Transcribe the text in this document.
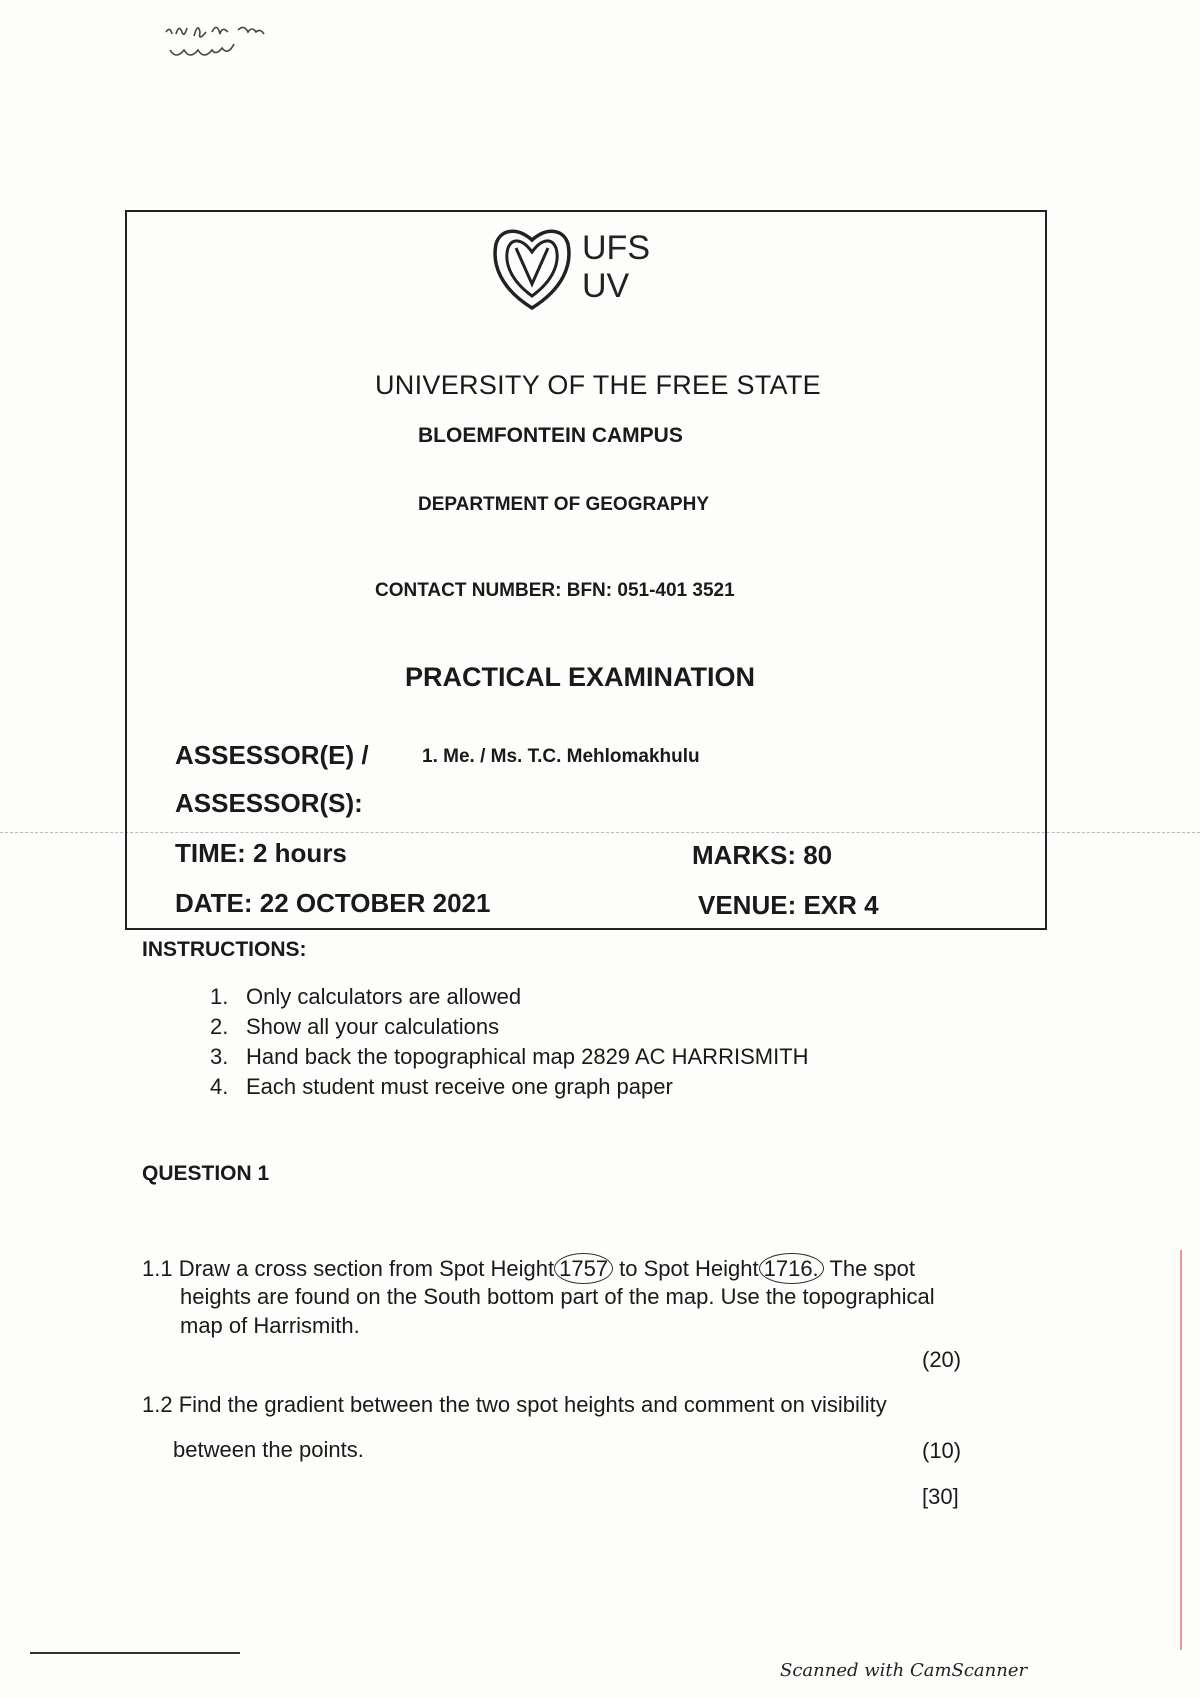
Khd y km
UFS
UV
UNIVERSITY OF THE FREE STATE
BLOEMFONTEIN CAMPUS
DEPARTMENT OF GEOGRAPHY
CONTACT NUMBER: BFN: 051-401 3521
PRACTICAL EXAMINATION
ASSESSOR(E) /	1. Me. / Ms. T.C. Mehlomakhulu
ASSESSOR(S):
TIME: 2 hours	MARKS: 80
DATE: 22 OCTOBER 2021	VENUE: EXR 4
INSTRUCTIONS:
1. Only calculators are allowed
2. Show all your calculations
3. Hand back the topographical map 2829 AC HARRISMITH
4. Each student must receive one graph paper
QUESTION 1
1.1 Draw a cross section from Spot Height 1757 to Spot Height 1716. The spot
heights are found on the South bottom part of the map. Use the topographical
map of Harrismith.
(20)
1.2 Find the gradient between the two spot heights and comment on visibility
between the points.	(10)
[30]
Scanned with CamScanner
